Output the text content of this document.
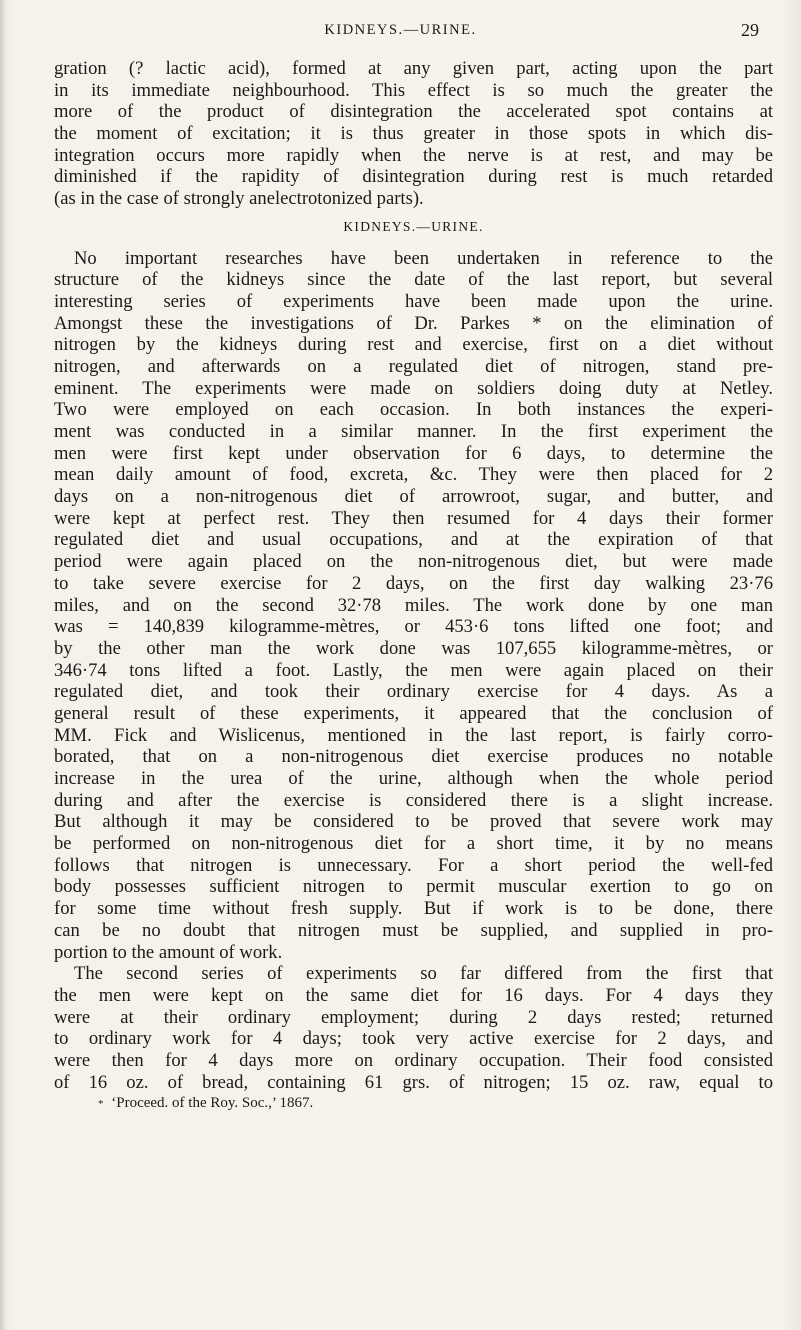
KIDNEYS.—URINE.	29
gration (? lactic acid), formed at any given part, acting upon the part
in its immediate neighbourhood. This effect is so much the greater the
more of the product of disintegration the accelerated spot contains at
the moment of excitation; it is thus greater in those spots in which dis-
integration occurs more rapidly when the nerve is at rest, and may be
diminished if the rapidity of disintegration during rest is much retarded
(as in the case of strongly anelectrotonized parts).
KIDNEYS.—URINE.
No important researches have been undertaken in reference to the
structure of the kidneys since the date of the last report, but several
interesting series of experiments have been made upon the urine.
Amongst these the investigations of Dr. Parkes * on the elimination of
nitrogen by the kidneys during rest and exercise, first on a diet without
nitrogen, and afterwards on a regulated diet of nitrogen, stand pre-
eminent. The experiments were made on soldiers doing duty at Netley.
Two were employed on each occasion. In both instances the experi-
ment was conducted in a similar manner. In the first experiment the
men were first kept under observation for 6 days, to determine the
mean daily amount of food, excreta, &c. They were then placed for 2
days on a non-nitrogenous diet of arrowroot, sugar, and butter, and
were kept at perfect rest. They then resumed for 4 days their former
regulated diet and usual occupations, and at the expiration of that
period were again placed on the non-nitrogenous diet, but were made
to take severe exercise for 2 days, on the first day walking 23·76
miles, and on the second 32·78 miles. The work done by one man
was = 140,839 kilogramme-mètres, or 453·6 tons lifted one foot; and
by the other man the work done was 107,655 kilogramme-mètres, or
346·74 tons lifted a foot. Lastly, the men were again placed on their
regulated diet, and took their ordinary exercise for 4 days. As a
general result of these experiments, it appeared that the conclusion of
MM. Fick and Wislicenus, mentioned in the last report, is fairly corro-
borated, that on a non-nitrogenous diet exercise produces no notable
increase in the urea of the urine, although when the whole period
during and after the exercise is considered there is a slight increase.
But although it may be considered to be proved that severe work may
be performed on non-nitrogenous diet for a short time, it by no means
follows that nitrogen is unnecessary. For a short period the well-fed
body possesses sufficient nitrogen to permit muscular exertion to go on
for some time without fresh supply. But if work is to be done, there
can be no doubt that nitrogen must be supplied, and supplied in pro-
portion to the amount of work.
The second series of experiments so far differed from the first that
the men were kept on the same diet for 16 days. For 4 days they
were at their ordinary employment; during 2 days rested; returned
to ordinary work for 4 days; took very active exercise for 2 days, and
were then for 4 days more on ordinary occupation. Their food consisted
of 16 oz. of bread, containing 61 grs. of nitrogen; 15 oz. raw, equal to
* ‘Proceed. of the Roy. Soc.,’ 1867.
